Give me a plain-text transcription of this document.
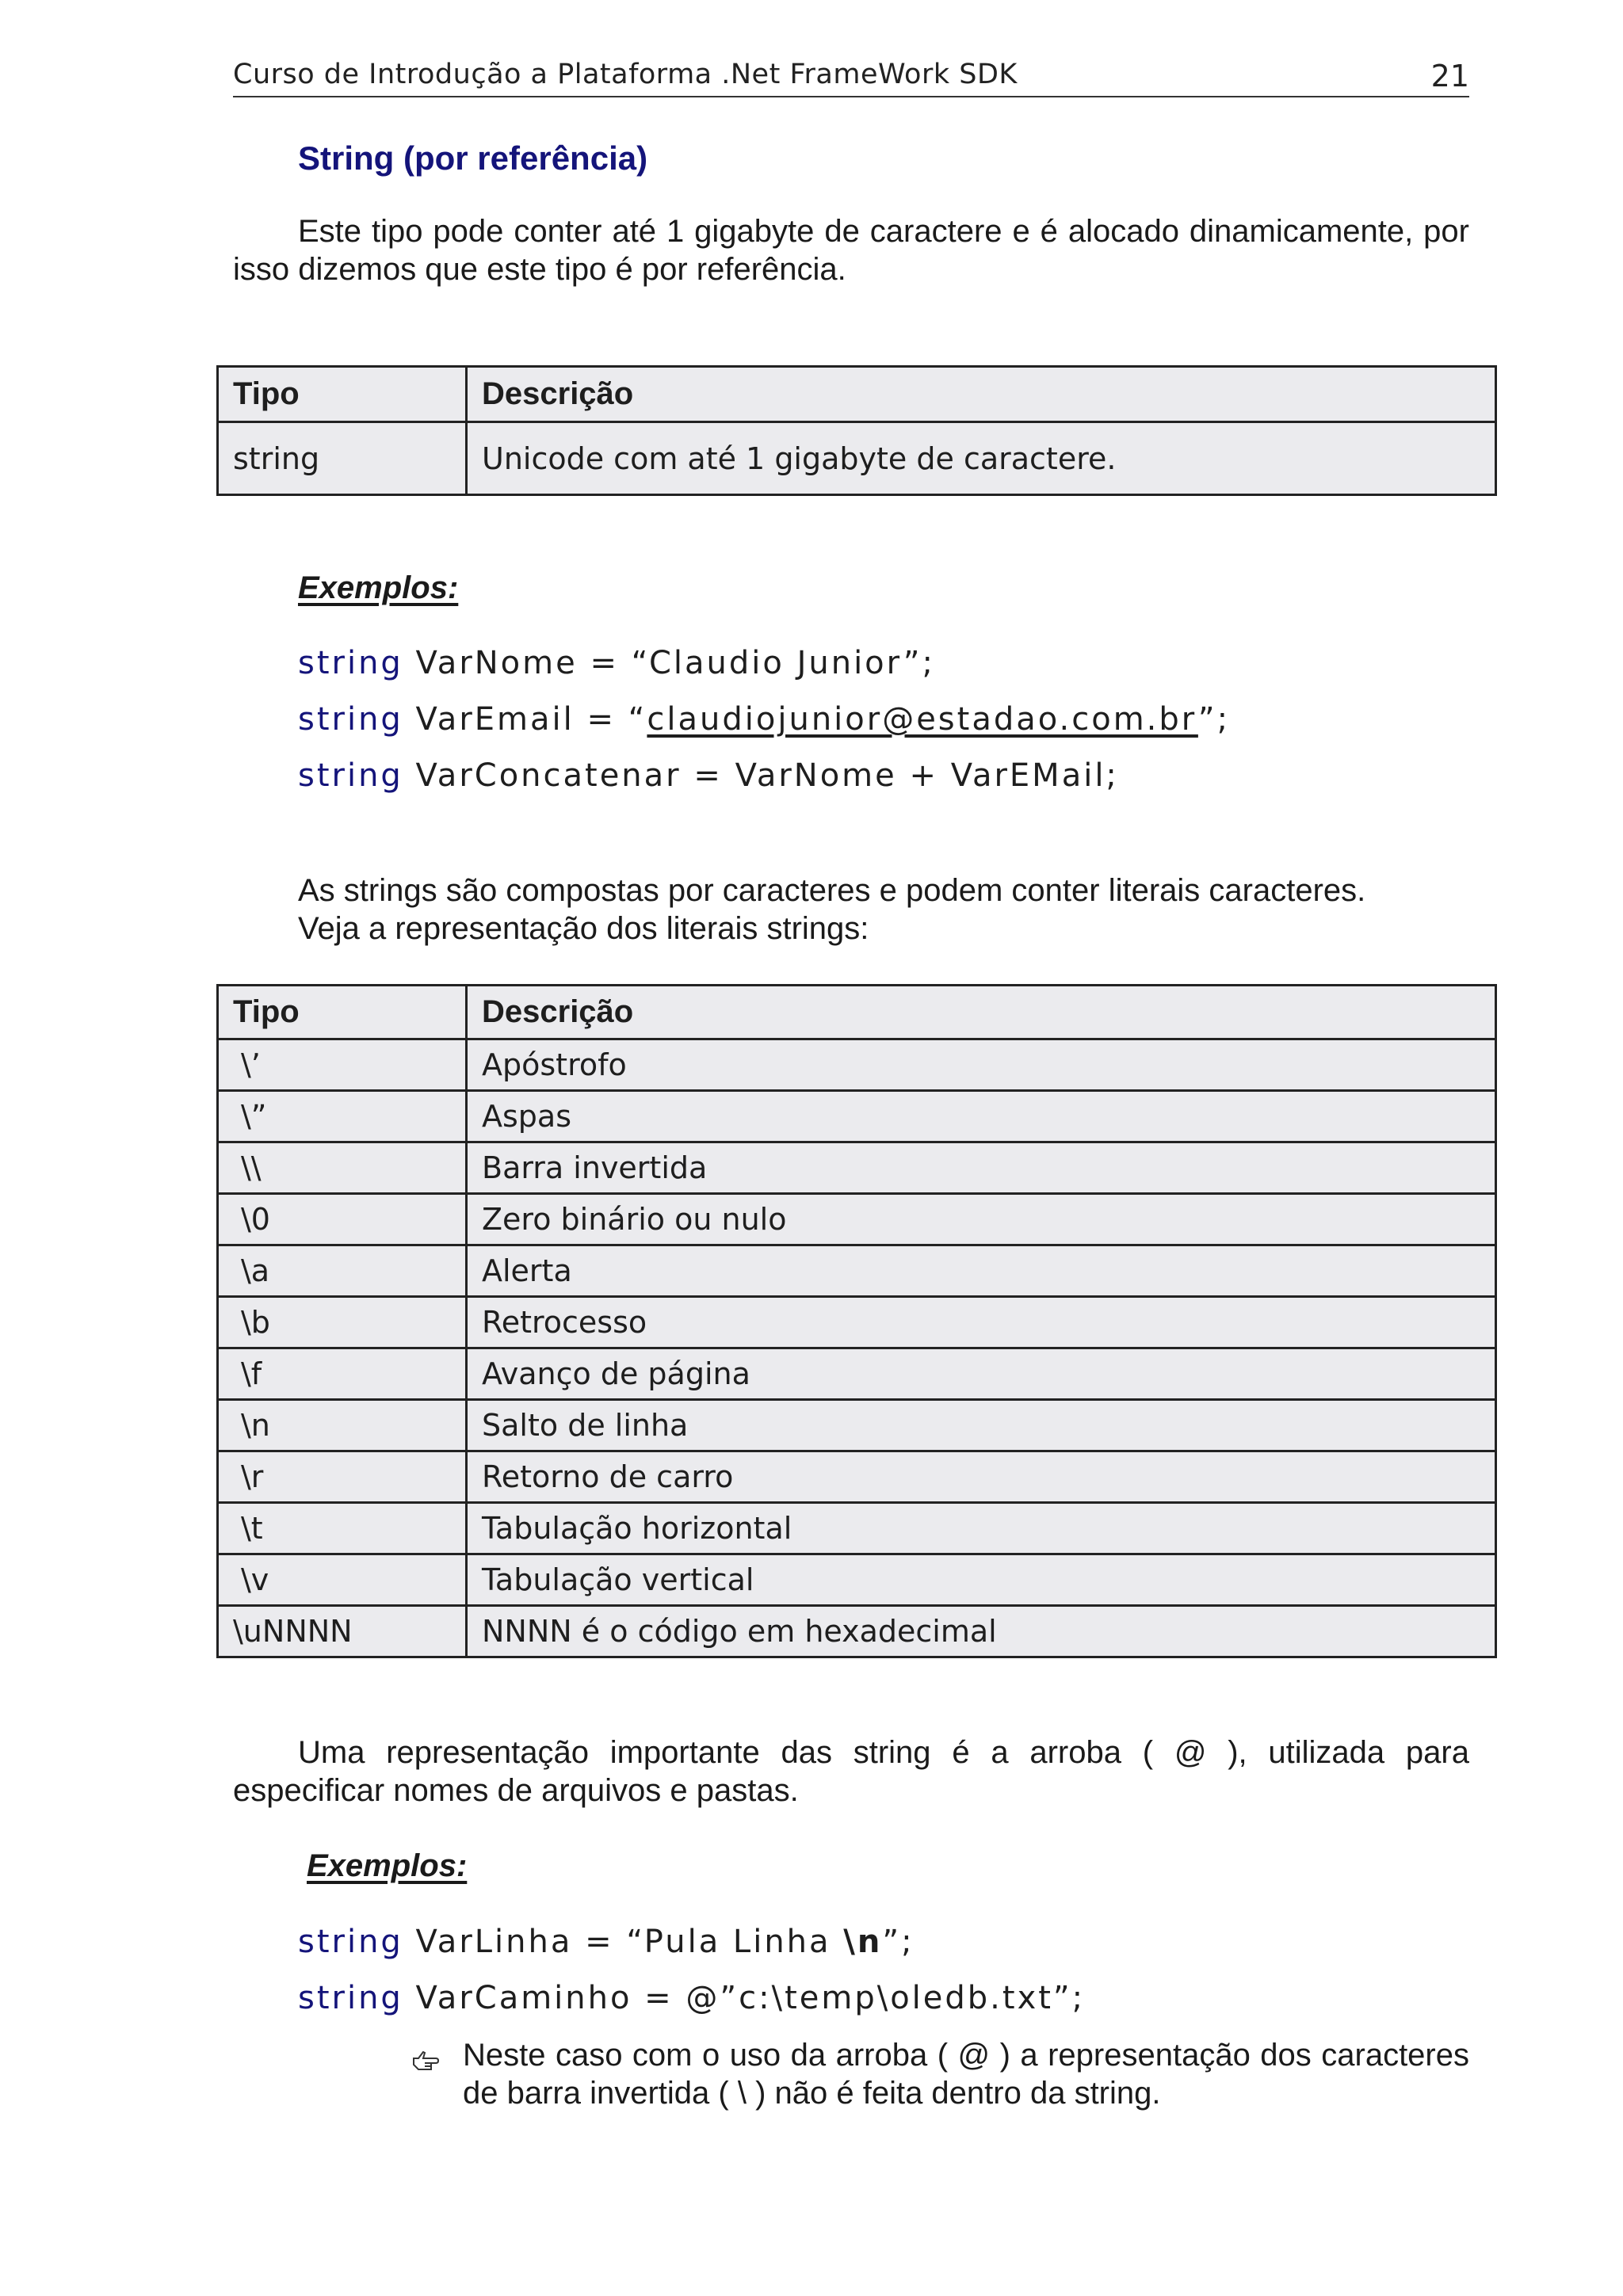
Curso de Introdução a Plataforma .Net FrameWork SDK	21
String (por referência)
Este tipo pode conter até 1 gigabyte de caractere e é alocado dinamicamente, por isso dizemos que este tipo é por referência.
Tipo	Descrição
string	Unicode com até 1 gigabyte de caractere.
Exemplos:
string VarNome = “Claudio Junior”;
string VarEmail = “claudiojunior@estadao.com.br”;
string VarConcatenar = VarNome + VarEMail;
As strings são compostas por caracteres e podem conter literais caracteres.
Veja a representação dos literais strings:
Tipo	Descrição
\’	Apóstrofo
\”	Aspas
\\	Barra invertida
\0	Zero binário ou nulo
\a	Alerta
\b	Retrocesso
\f	Avanço de página
\n	Salto de linha
\r	Retorno de carro
\t	Tabulação horizontal
\v	Tabulação vertical
\uNNNN	NNNN é o código em hexadecimal
Uma representação importante das string é a arroba ( @ ), utilizada para especificar nomes de arquivos e pastas.
Exemplos:
string VarLinha = “Pula Linha \n”;
string VarCaminho = @”c:\temp\oledb.txt”;
Neste caso com o uso da arroba ( @ ) a representação dos caracteres de barra invertida ( \ ) não é feita dentro da string.
